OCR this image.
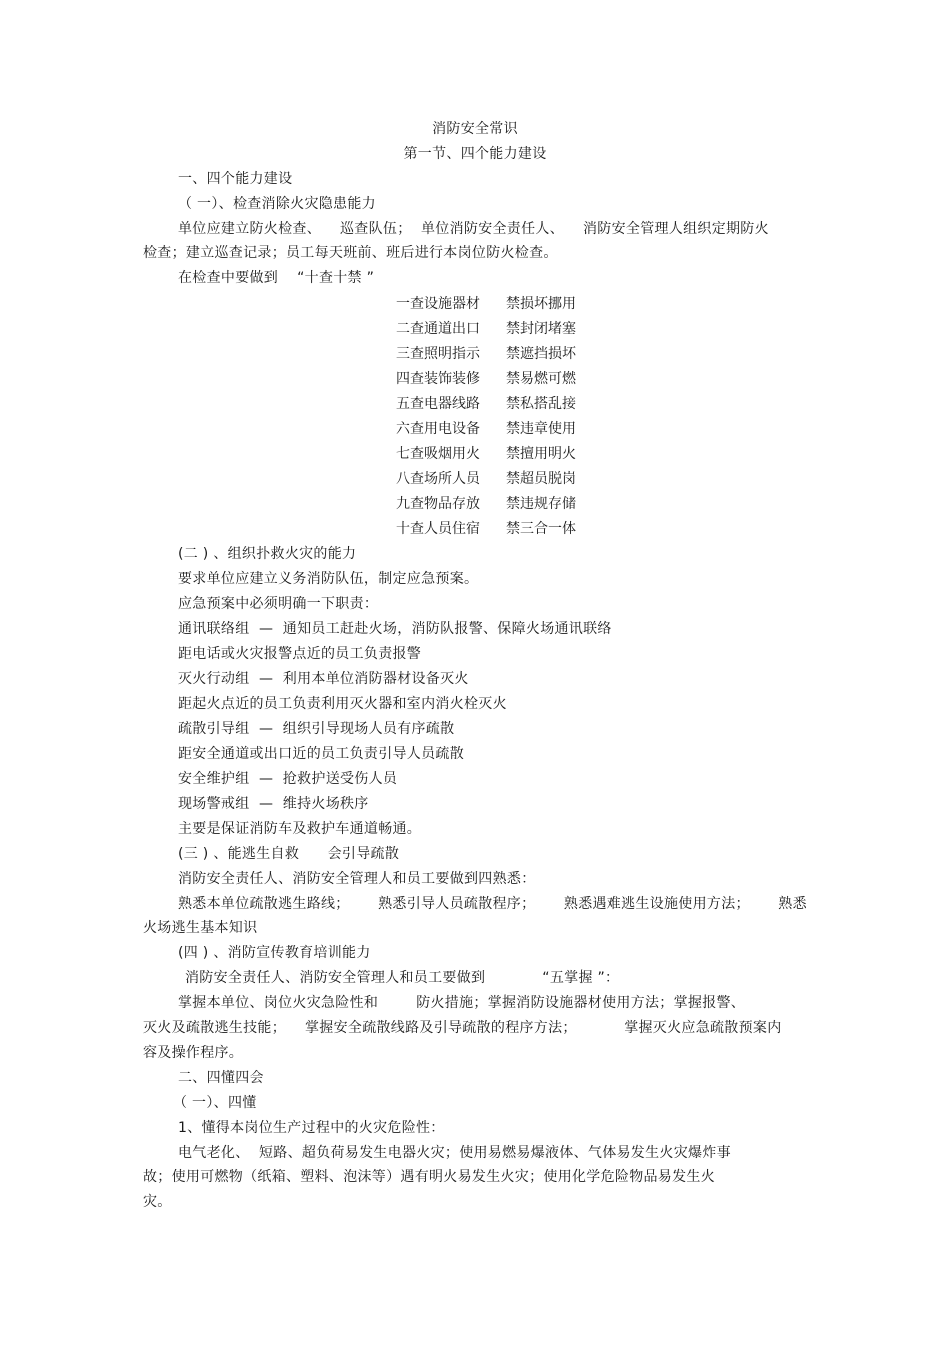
消防安全常识
第一节、四个能力建设
一、四个能力建设
（ 一）、检查消除火灾隐患能力
单位应建立防火检查、    巡查队伍；  单位消防安全责任人、    消防安全管理人组织定期防火
检查；建立巡查记录；员工每天班前、班后进行本岗位防火检查。
在检查中要做到    “十查十禁 ”
一查设施器材 禁损坏挪用
二查通道出口 禁封闭堵塞
三查照明指示 禁遮挡损坏
四查装饰装修 禁易燃可燃
五查电器线路 禁私搭乱接
六查用电设备 禁违章使用
七查吸烟用火 禁擅用明火
八查场所人员 禁超员脱岗
九查物品存放 禁违规存储
十查人员住宿 禁三合一体
(二 ) 、组织扑救火灾的能力
要求单位应建立义务消防队伍，制定应急预案。
应急预案中必须明确一下职责：
通讯联络组  —  通知员工赶赴火场，消防队报警、保障火场通讯联络
距电话或火灾报警点近的员工负责报警
灭火行动组  —  利用本单位消防器材设备灭火
距起火点近的员工负责利用灭火器和室内消火栓灭火
疏散引导组  —  组织引导现场人员有序疏散
距安全通道或出口近的员工负责引导人员疏散
安全维护组  —  抢救护送受伤人员
现场警戒组  —  维持火场秩序
主要是保证消防车及救护车通道畅通。
(三 ) 、能逃生自救      会引导疏散
消防安全责任人、消防安全管理人和员工要做到四熟悉：
熟悉本单位疏散逃生路线；      熟悉引导人员疏散程序；      熟悉遇难逃生设施使用方法；      熟悉
火场逃生基本知识
(四 ) 、消防宣传教育培训能力
消防安全责任人、消防安全管理人和员工要做到            “五掌握 ”：
掌握本单位、岗位火灾急险性和        防火措施；掌握消防设施器材使用方法；掌握报警、
灭火及疏散逃生技能；    掌握安全疏散线路及引导疏散的程序方法；          掌握灭火应急疏散预案内
容及操作程序。
二、四懂四会
（ 一）、四懂
1、懂得本岗位生产过程中的火灾危险性：
电气老化、  短路、超负荷易发生电器火灾；使用易燃易爆液体、气体易发生火灾爆炸事
故；使用可燃物（纸箱、塑料、泡沫等）遇有明火易发生火灾；使用化学危险物品易发生火
灾。
